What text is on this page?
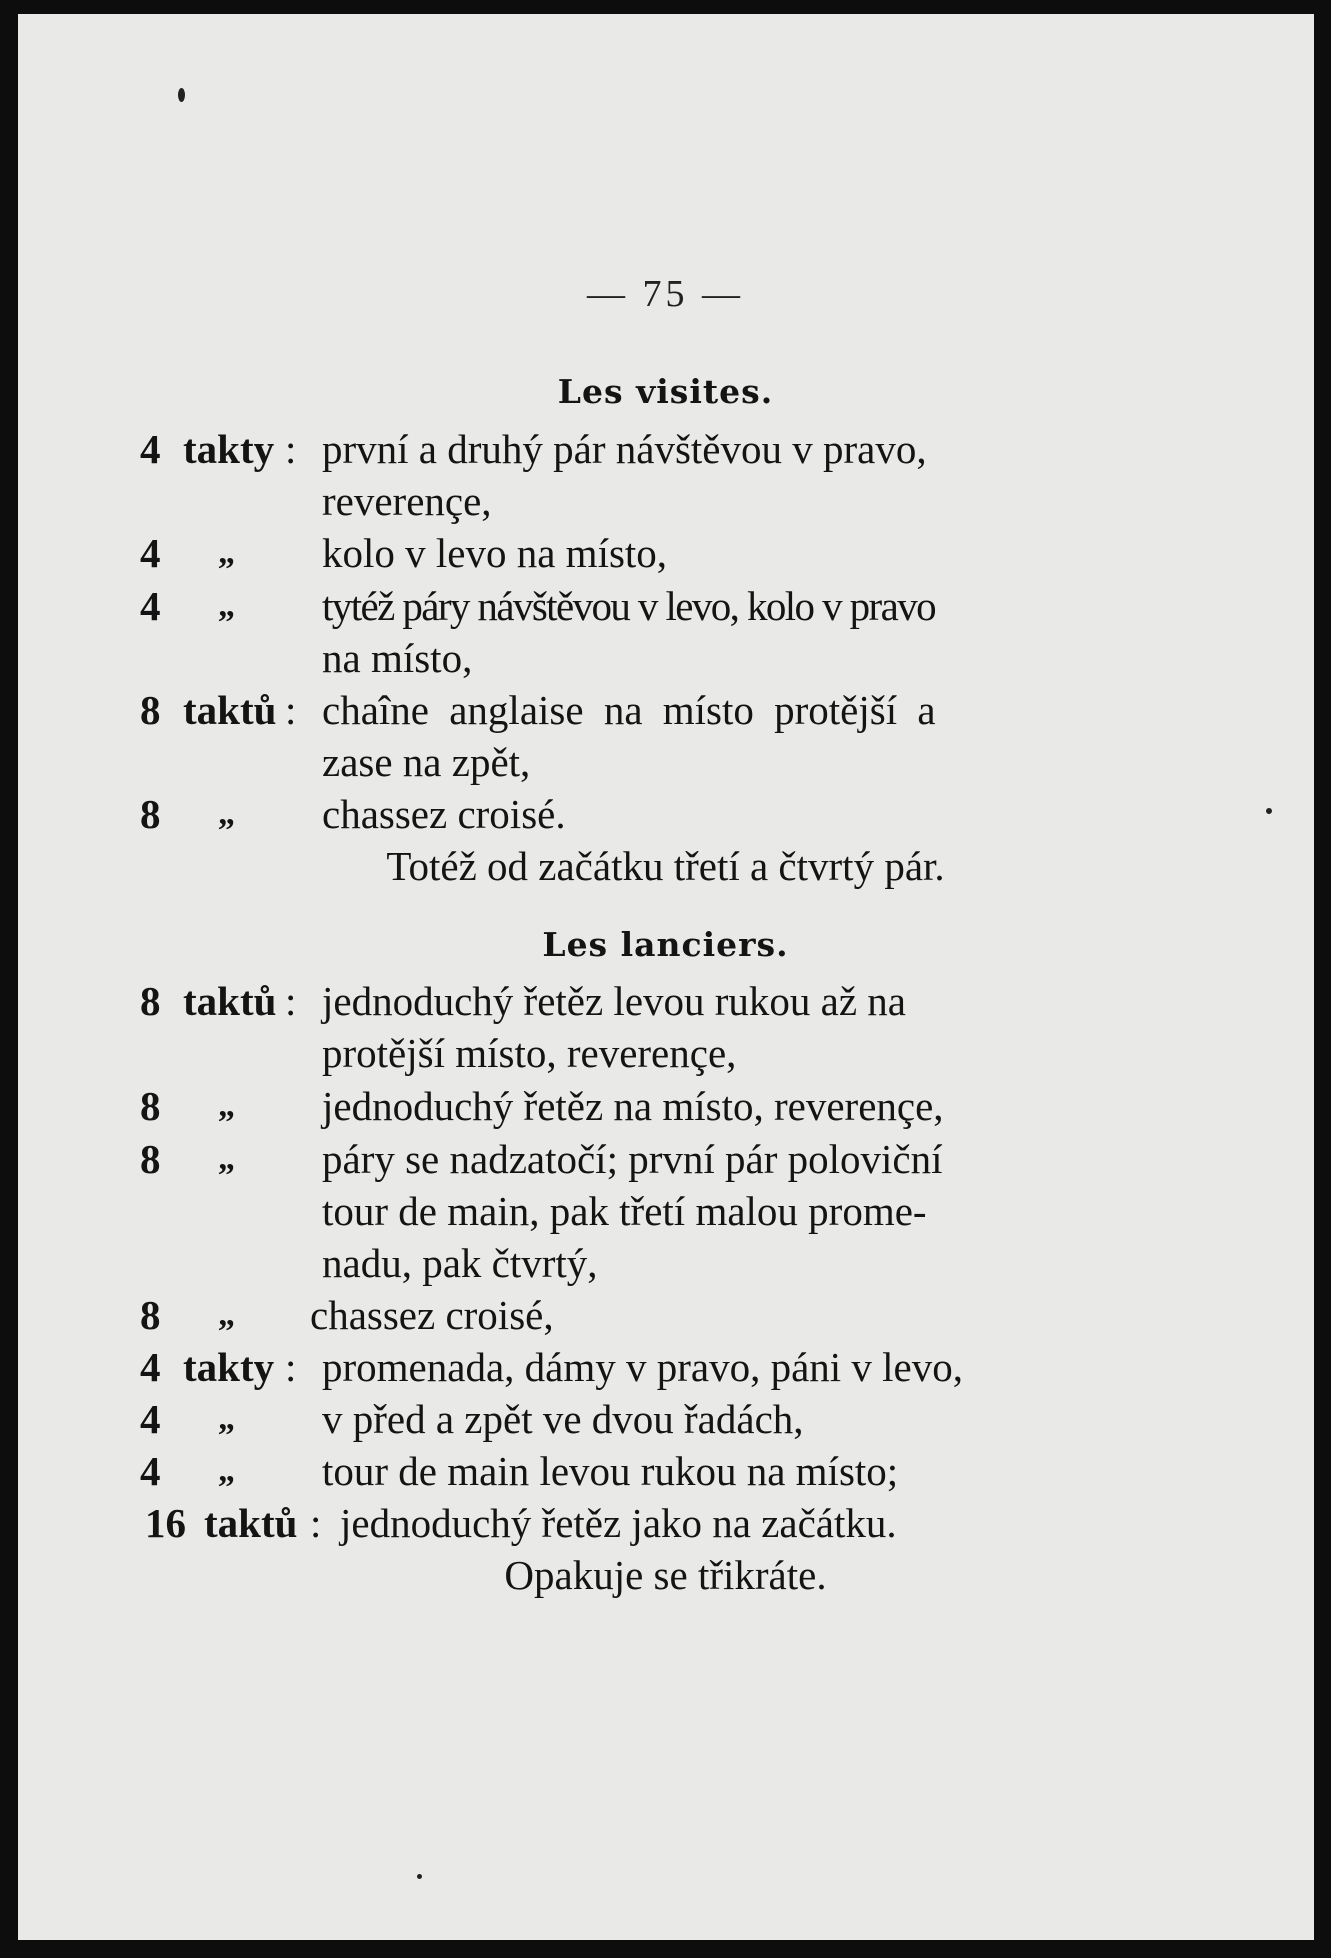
— 75 —
Les visites.
4 takty : první a druhý pár návštěvou v pravo,
reverençe,
4 „ kolo v levo na místo,
4 „ tytéž páry návštěvou v levo, kolo v pravo
na místo,
8 taktů : chaîne anglaise na místo protější a
zase na zpět,
8 „ chassez croisé.
Totéž od začátku třetí a čtvrtý pár.
Les lanciers.
8 taktů : jednoduchý řetěz levou rukou až na
protější místo, reverençe,
8 „ jednoduchý řetěz na místo, reverençe,
8 „ páry se nadzatočí; první pár poloviční
tour de main, pak třetí malou prome-
nadu, pak čtvrtý,
8 „ chassez croisé,
4 takty : promenada, dámy v pravo, páni v levo,
4 „ v před a zpět ve dvou řadách,
4 „ tour de main levou rukou na místo;
16 taktů : jednoduchý řetěz jako na začátku.
Opakuje se třikráte.
